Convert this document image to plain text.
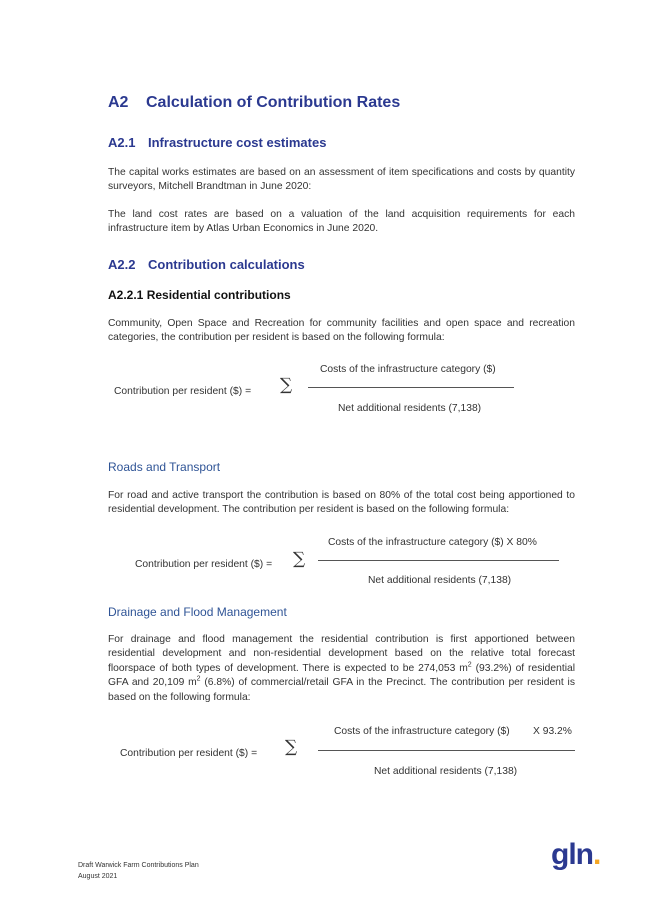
A2 Calculation of Contribution Rates
A2.1 Infrastructure cost estimates
The capital works estimates are based on an assessment of item specifications and costs by quantity surveyors, Mitchell Brandtman in June 2020:
The land cost rates are based on a valuation of the land acquisition requirements for each infrastructure item by Atlas Urban Economics in June 2020.
A2.2 Contribution calculations
A2.2.1 Residential contributions
Community, Open Space and Recreation for community facilities and open space and recreation categories, the contribution per resident is based on the following formula:
Contribution per resident ($) = ∑
Costs of the infrastructure category ($)
Net additional residents (7,138)
Roads and Transport
For road and active transport the contribution is based on 80% of the total cost being apportioned to residential development. The contribution per resident is based on the following formula:
Contribution per resident ($) = ∑
Costs of the infrastructure category ($) X 80%
Net additional residents (7,138)
Drainage and Flood Management
For drainage and flood management the residential contribution is first apportioned between residential development and non-residential development based on the relative total forecast floorspace of both types of development. There is expected to be 274,053 $m^2$ (93.2%) of residential GFA and 20,109 $m^2$ (6.8%) of commercial/retail GFA in the Precinct. The contribution per resident is based on the following formula:
Contribution per resident ($) = ∑
Costs of the infrastructure category ($) X 93.2%
Net additional residents (7,138)
Draft Warwick Farm Contributions Plan
August 2021
gln.
